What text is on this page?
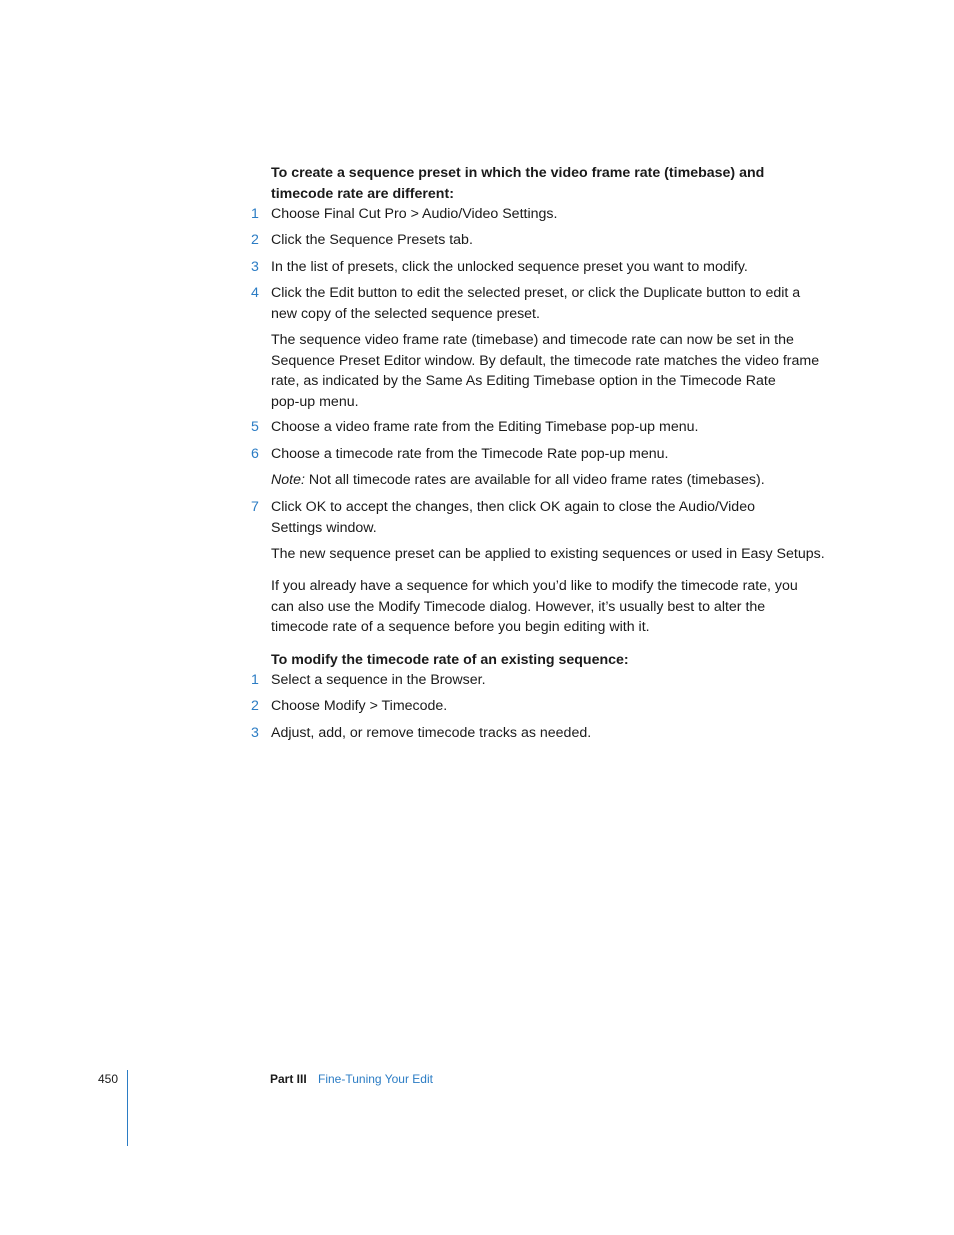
To create a sequence preset in which the video frame rate (timebase) and
timecode rate are different:
1 Choose Final Cut Pro > Audio/Video Settings.
2 Click the Sequence Presets tab.
3 In the list of presets, click the unlocked sequence preset you want to modify.
4 Click the Edit button to edit the selected preset, or click the Duplicate button to edit a new copy of the selected sequence preset.
The sequence video frame rate (timebase) and timecode rate can now be set in the
Sequence Preset Editor window. By default, the timecode rate matches the video frame
rate, as indicated by the Same As Editing Timebase option in the Timecode Rate
pop-up menu.
5 Choose a video frame rate from the Editing Timebase pop-up menu.
6 Choose a timecode rate from the Timecode Rate pop-up menu.
Note: Not all timecode rates are available for all video frame rates (timebases).
7 Click OK to accept the changes, then click OK again to close the Audio/Video Settings window.
The new sequence preset can be applied to existing sequences or used in Easy Setups.
If you already have a sequence for which you’d like to modify the timecode rate, you
can also use the Modify Timecode dialog. However, it’s usually best to alter the
timecode rate of a sequence before you begin editing with it.
To modify the timecode rate of an existing sequence:
1 Select a sequence in the Browser.
2 Choose Modify > Timecode.
3 Adjust, add, or remove timecode tracks as needed.
450	Part III Fine-Tuning Your Edit
